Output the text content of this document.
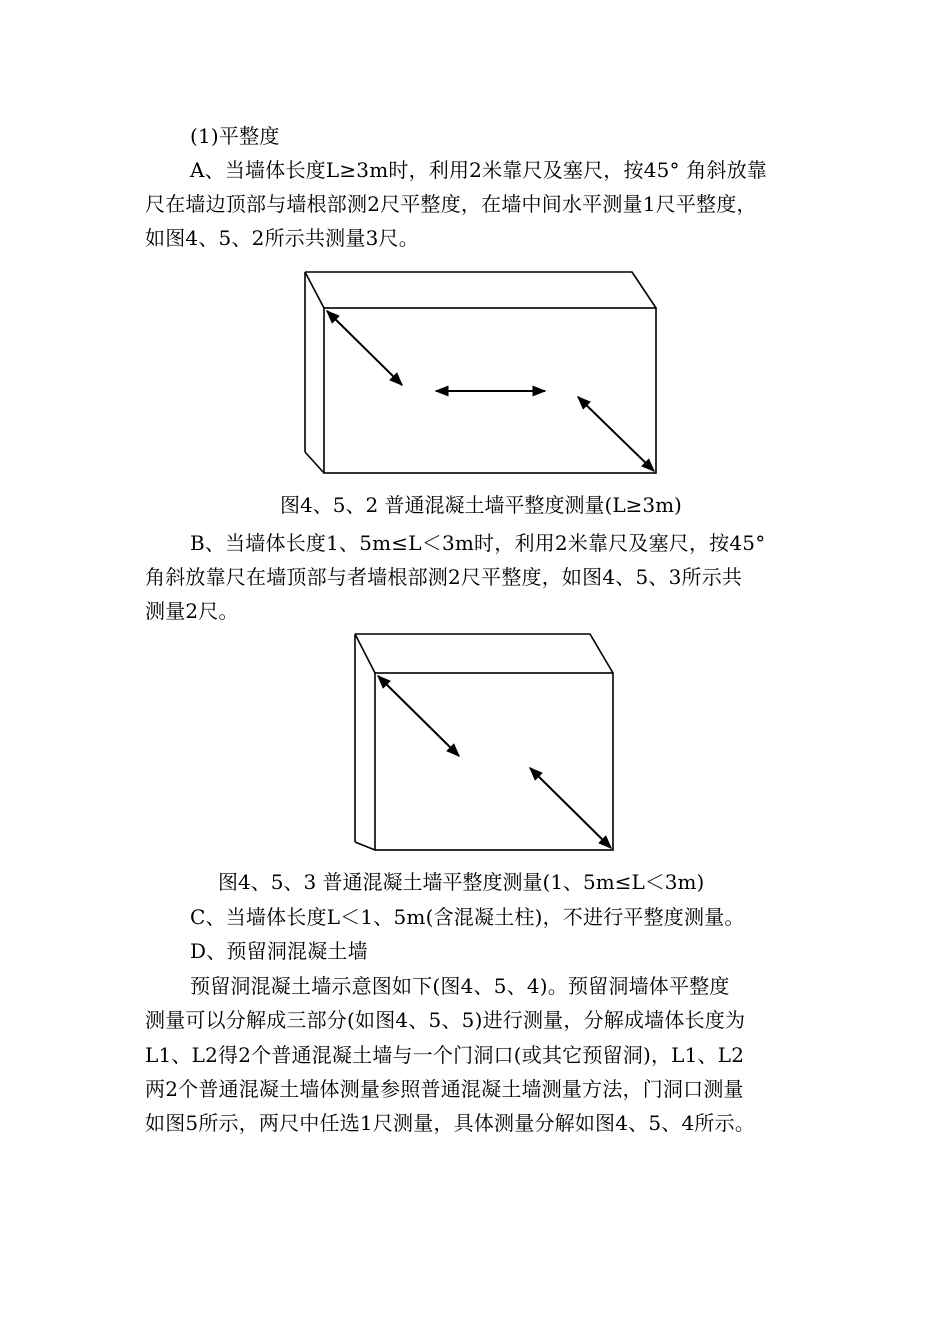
(1)平整度
A、当墙体长度L≥3m时，利用2米靠尺及塞尺，按45° 角斜放靠
尺在墙边顶部与墙根部测2尺平整度，在墙中间水平测量1尺平整度，
如图4、5、2所示共测量3尺。
图4、5、2 普通混凝土墙平整度测量(L≥3m)
B、当墙体长度1、5m≤L＜3m时，利用2米靠尺及塞尺，按45°
角斜放靠尺在墙顶部与者墙根部测2尺平整度，如图4、5、3所示共
测量2尺。
图4、5、3 普通混凝土墙平整度测量(1、5m≤L＜3m)
C、当墙体长度L＜1、5m(含混凝土柱)，不进行平整度测量。
D、预留洞混凝土墙
预留洞混凝土墙示意图如下(图4、5、4)。预留洞墙体平整度
测量可以分解成三部分(如图4、5、5)进行测量，分解成墙体长度为
L1、L2得2个普通混凝土墙与一个门洞口(或其它预留洞)，L1、L2
两2个普通混凝土墙体测量参照普通混凝土墙测量方法，门洞口测量
如图5所示，两尺中任选1尺测量，具体测量分解如图4、5、4所示。
